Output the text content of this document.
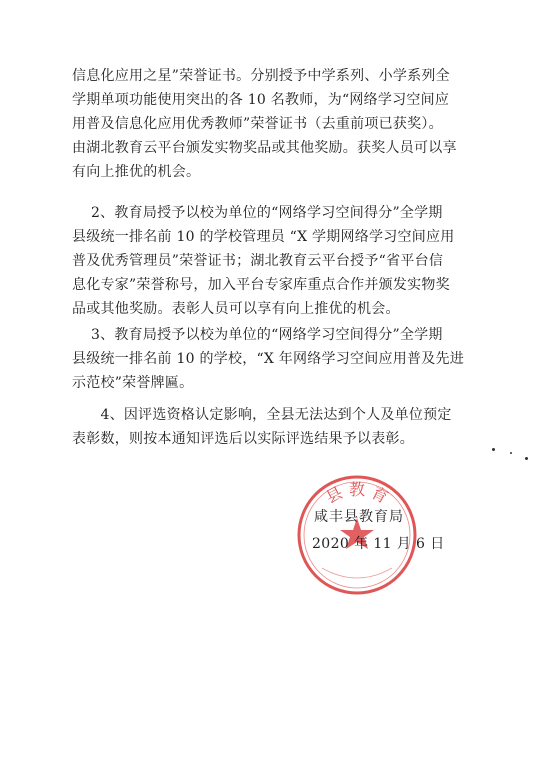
信息化应用之星”荣誉证书。分别授予中学系列、小学系列全
学期单项功能使用突出的各 10 名教师，为“网络学习空间应
用普及信息化应用优秀教师”荣誉证书（去重前项已获奖）。
由湖北教育云平台颁发实物奖品或其他奖励。获奖人员可以享
有向上推优的机会。
　 2、教育局授予以校为单位的“网络学习空间得分”全学期
县级统一排名前 10 的学校管理员 “X 学期网络学习空间应用
普及优秀管理员”荣誉证书；湖北教育云平台授予“省平台信
息化专家”荣誉称号，加入平台专家库重点合作并颁发实物奖
品或其他奖励。表彰人员可以享有向上推优的机会。
　 3、教育局授予以校为单位的“网络学习空间得分”全学期
县级统一排名前 10 的学校，“X 年网络学习空间应用普及先进
示范校”荣誉牌匾。
　　4、因评选资格认定影响，全县无法达到个人及单位预定
表彰数，则按本通知评选后以实际评选结果予以表彰。
县 教 育
咸丰县教育局
2020 年 11 月 6 日
